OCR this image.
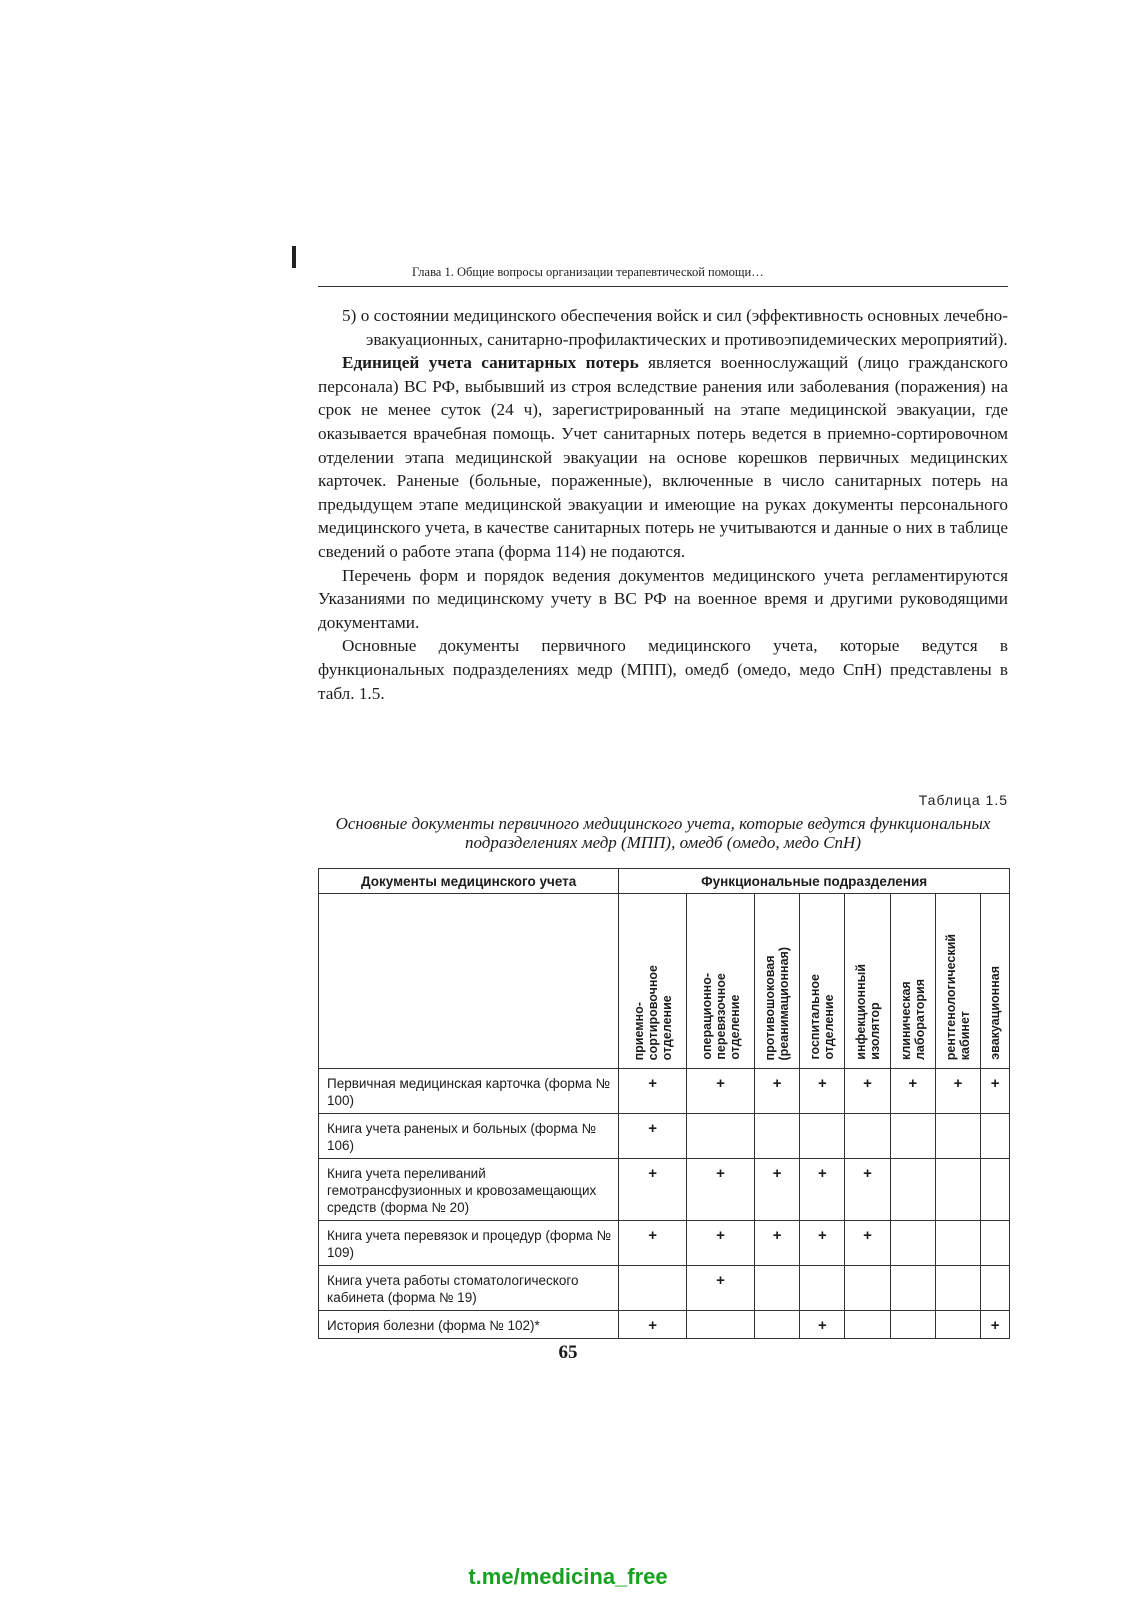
Глава 1. Общие вопросы организации терапевтической помощи…

5) о состоянии медицинского обеспечения войск и сил (эффективность основных лечебно-эвакуационных, санитарно-профилактических и противоэпидемических мероприятий).

Единицей учета санитарных потерь является военнослужащий (лицо гражданского персонала) ВС РФ, выбывший из строя вследствие ранения или заболевания (поражения) на срок не менее суток (24 ч), зарегистрированный на этапе медицинской эвакуации, где оказывается врачебная помощь. Учет санитарных потерь ведется в приемно-сортировочном отделении этапа медицинской эвакуации на основе корешков первичных медицинских карточек. Раненые (больные, пораженные), включенные в число санитарных потерь на предыдущем этапе медицинской эвакуации и имеющие на руках документы персонального медицинского учета, в качестве санитарных потерь не учитываются и данные о них в таблице сведений о работе этапа (форма 114) не подаются.

Перечень форм и порядок ведения документов медицинского учета регламентируются Указаниями по медицинскому учету в ВС РФ на военное время и другими руководящими документами.

Основные документы первичного медицинского учета, которые ведутся в функциональных подразделениях медр (МПП), омедб (омедо, медо СпН) представлены в табл. 1.5.

Таблица 1.5
Основные документы первичного медицинского учета, которые ведутся функциональных подразделениях медр (МПП), омедб (омедо, медо СпН)
Документы медицинского учета	Функциональные подразделения							

	приемно-
сортировочное
отделение	операционно-
перевязочное
отделение	противошоковая
(реанимационная)	госпитальное
отделение	инфекционный
изолятор	клиническая
лаборатория	рентгенологический
кабинет	эвакуационная

Первичная медицинская карточка (форма № 100)	+	+	+	+	+	+	+	+
Книга учета раненых и больных (форма № 106)	+							
Книга учета переливаний гемотрансфузионных и кровозамещающих средств (форма № 20)	+	+	+	+	+			
Книга учета перевязок и процедур (форма № 109)	+	+	+	+	+			
Книга учета работы стоматологического кабинета (форма № 19)		+						
История болезни (форма № 102)*	+			+				+
65
t.me/medicina_free
